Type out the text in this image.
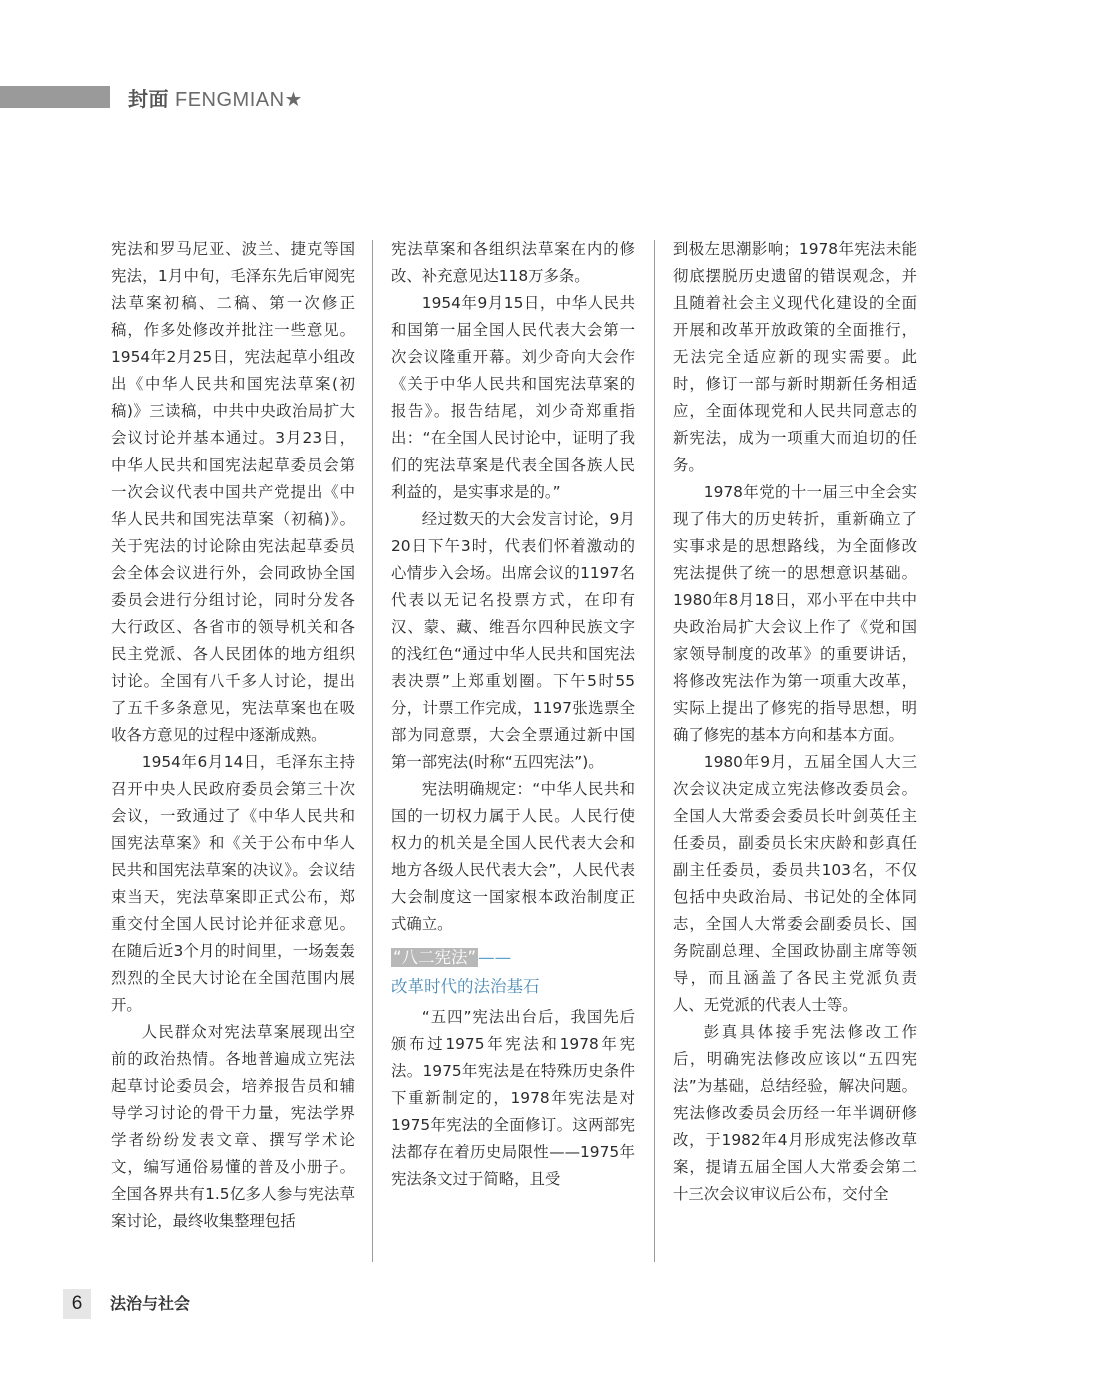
封面 FENGMIAN★

宪法和罗马尼亚、波兰、捷克等国宪法，1月中旬，毛泽东先后审阅宪法草案初稿、二稿、第一次修正稿，作多处修改并批注一些意见。1954年2月25日，宪法起草小组改出《中华人民共和国宪法草案(初稿)》三读稿，中共中央政治局扩大会议讨论并基本通过。3月23日，中华人民共和国宪法起草委员会第一次会议代表中国共产党提出《中华人民共和国宪法草案（初稿)》。关于宪法的讨论除由宪法起草委员会全体会议进行外，会同政协全国委员会进行分组讨论，同时分发各大行政区、各省市的领导机关和各民主党派、各人民团体的地方组织讨论。全国有八千多人讨论，提出了五千多条意见，宪法草案也在吸收各方意见的过程中逐渐成熟。

1954年6月14日，毛泽东主持召开中央人民政府委员会第三十次会议，一致通过了《中华人民共和国宪法草案》和《关于公布中华人民共和国宪法草案的决议》。会议结束当天，宪法草案即正式公布，郑重交付全国人民讨论并征求意见。在随后近3个月的时间里，一场轰轰烈烈的全民大讨论在全国范围内展开。

人民群众对宪法草案展现出空前的政治热情。各地普遍成立宪法起草讨论委员会，培养报告员和辅导学习讨论的骨干力量，宪法学界学者纷纷发表文章、撰写学术论文，编写通俗易懂的普及小册子。全国各界共有1.5亿多人参与宪法草案讨论，最终收集整理包括

宪法草案和各组织法草案在内的修改、补充意见达118万多条。

1954年9月15日，中华人民共和国第一届全国人民代表大会第一次会议隆重开幕。刘少奇向大会作《关于中华人民共和国宪法草案的报告》。报告结尾，刘少奇郑重指出：“在全国人民讨论中，证明了我们的宪法草案是代表全国各族人民利益的，是实事求是的。”

经过数天的大会发言讨论，9月20日下午3时，代表们怀着激动的心情步入会场。出席会议的1197名代表以无记名投票方式，在印有汉、蒙、藏、维吾尔四种民族文字的浅红色“通过中华人民共和国宪法表决票”上郑重划圈。下午5时55分，计票工作完成，1197张选票全部为同意票，大会全票通过新中国第一部宪法(时称“五四宪法”)。

宪法明确规定：“中华人民共和国的一切权力属于人民。人民行使权力的机关是全国人民代表大会和地方各级人民代表大会”，人民代表大会制度这一国家根本政治制度正式确立。

“八二宪法” ——
改革时代的法治基石

“五四”宪法出台后，我国先后颁布过1975年宪法和1978年宪法。1975年宪法是在特殊历史条件下重新制定的，1978年宪法是对1975年宪法的全面修订。这两部宪法都存在着历史局限性——1975年宪法条文过于简略，且受

到极左思潮影响；1978年宪法未能彻底摆脱历史遗留的错误观念，并且随着社会主义现代化建设的全面开展和改革开放政策的全面推行，无法完全适应新的现实需要。此时，修订一部与新时期新任务相适应，全面体现党和人民共同意志的新宪法，成为一项重大而迫切的任务。

1978年党的十一届三中全会实现了伟大的历史转折，重新确立了实事求是的思想路线，为全面修改宪法提供了统一的思想意识基础。1980年8月18日，邓小平在中共中央政治局扩大会议上作了《党和国家领导制度的改革》的重要讲话，将修改宪法作为第一项重大改革，实际上提出了修宪的指导思想，明确了修宪的基本方向和基本方面。

1980年9月，五届全国人大三次会议决定成立宪法修改委员会。全国人大常委会委员长叶剑英任主任委员，副委员长宋庆龄和彭真任副主任委员，委员共103名，不仅包括中央政治局、书记处的全体同志，全国人大常委会副委员长、国务院副总理、全国政协副主席等领导，而且涵盖了各民主党派负责人、无党派的代表人士等。

彭真具体接手宪法修改工作后，明确宪法修改应该以“五四宪法”为基础，总结经验，解决问题。宪法修改委员会历经一年半调研修改，于1982年4月形成宪法修改草案，提请五届全国人大常委会第二十三次会议审议后公布，交付全

6	法治与社会
